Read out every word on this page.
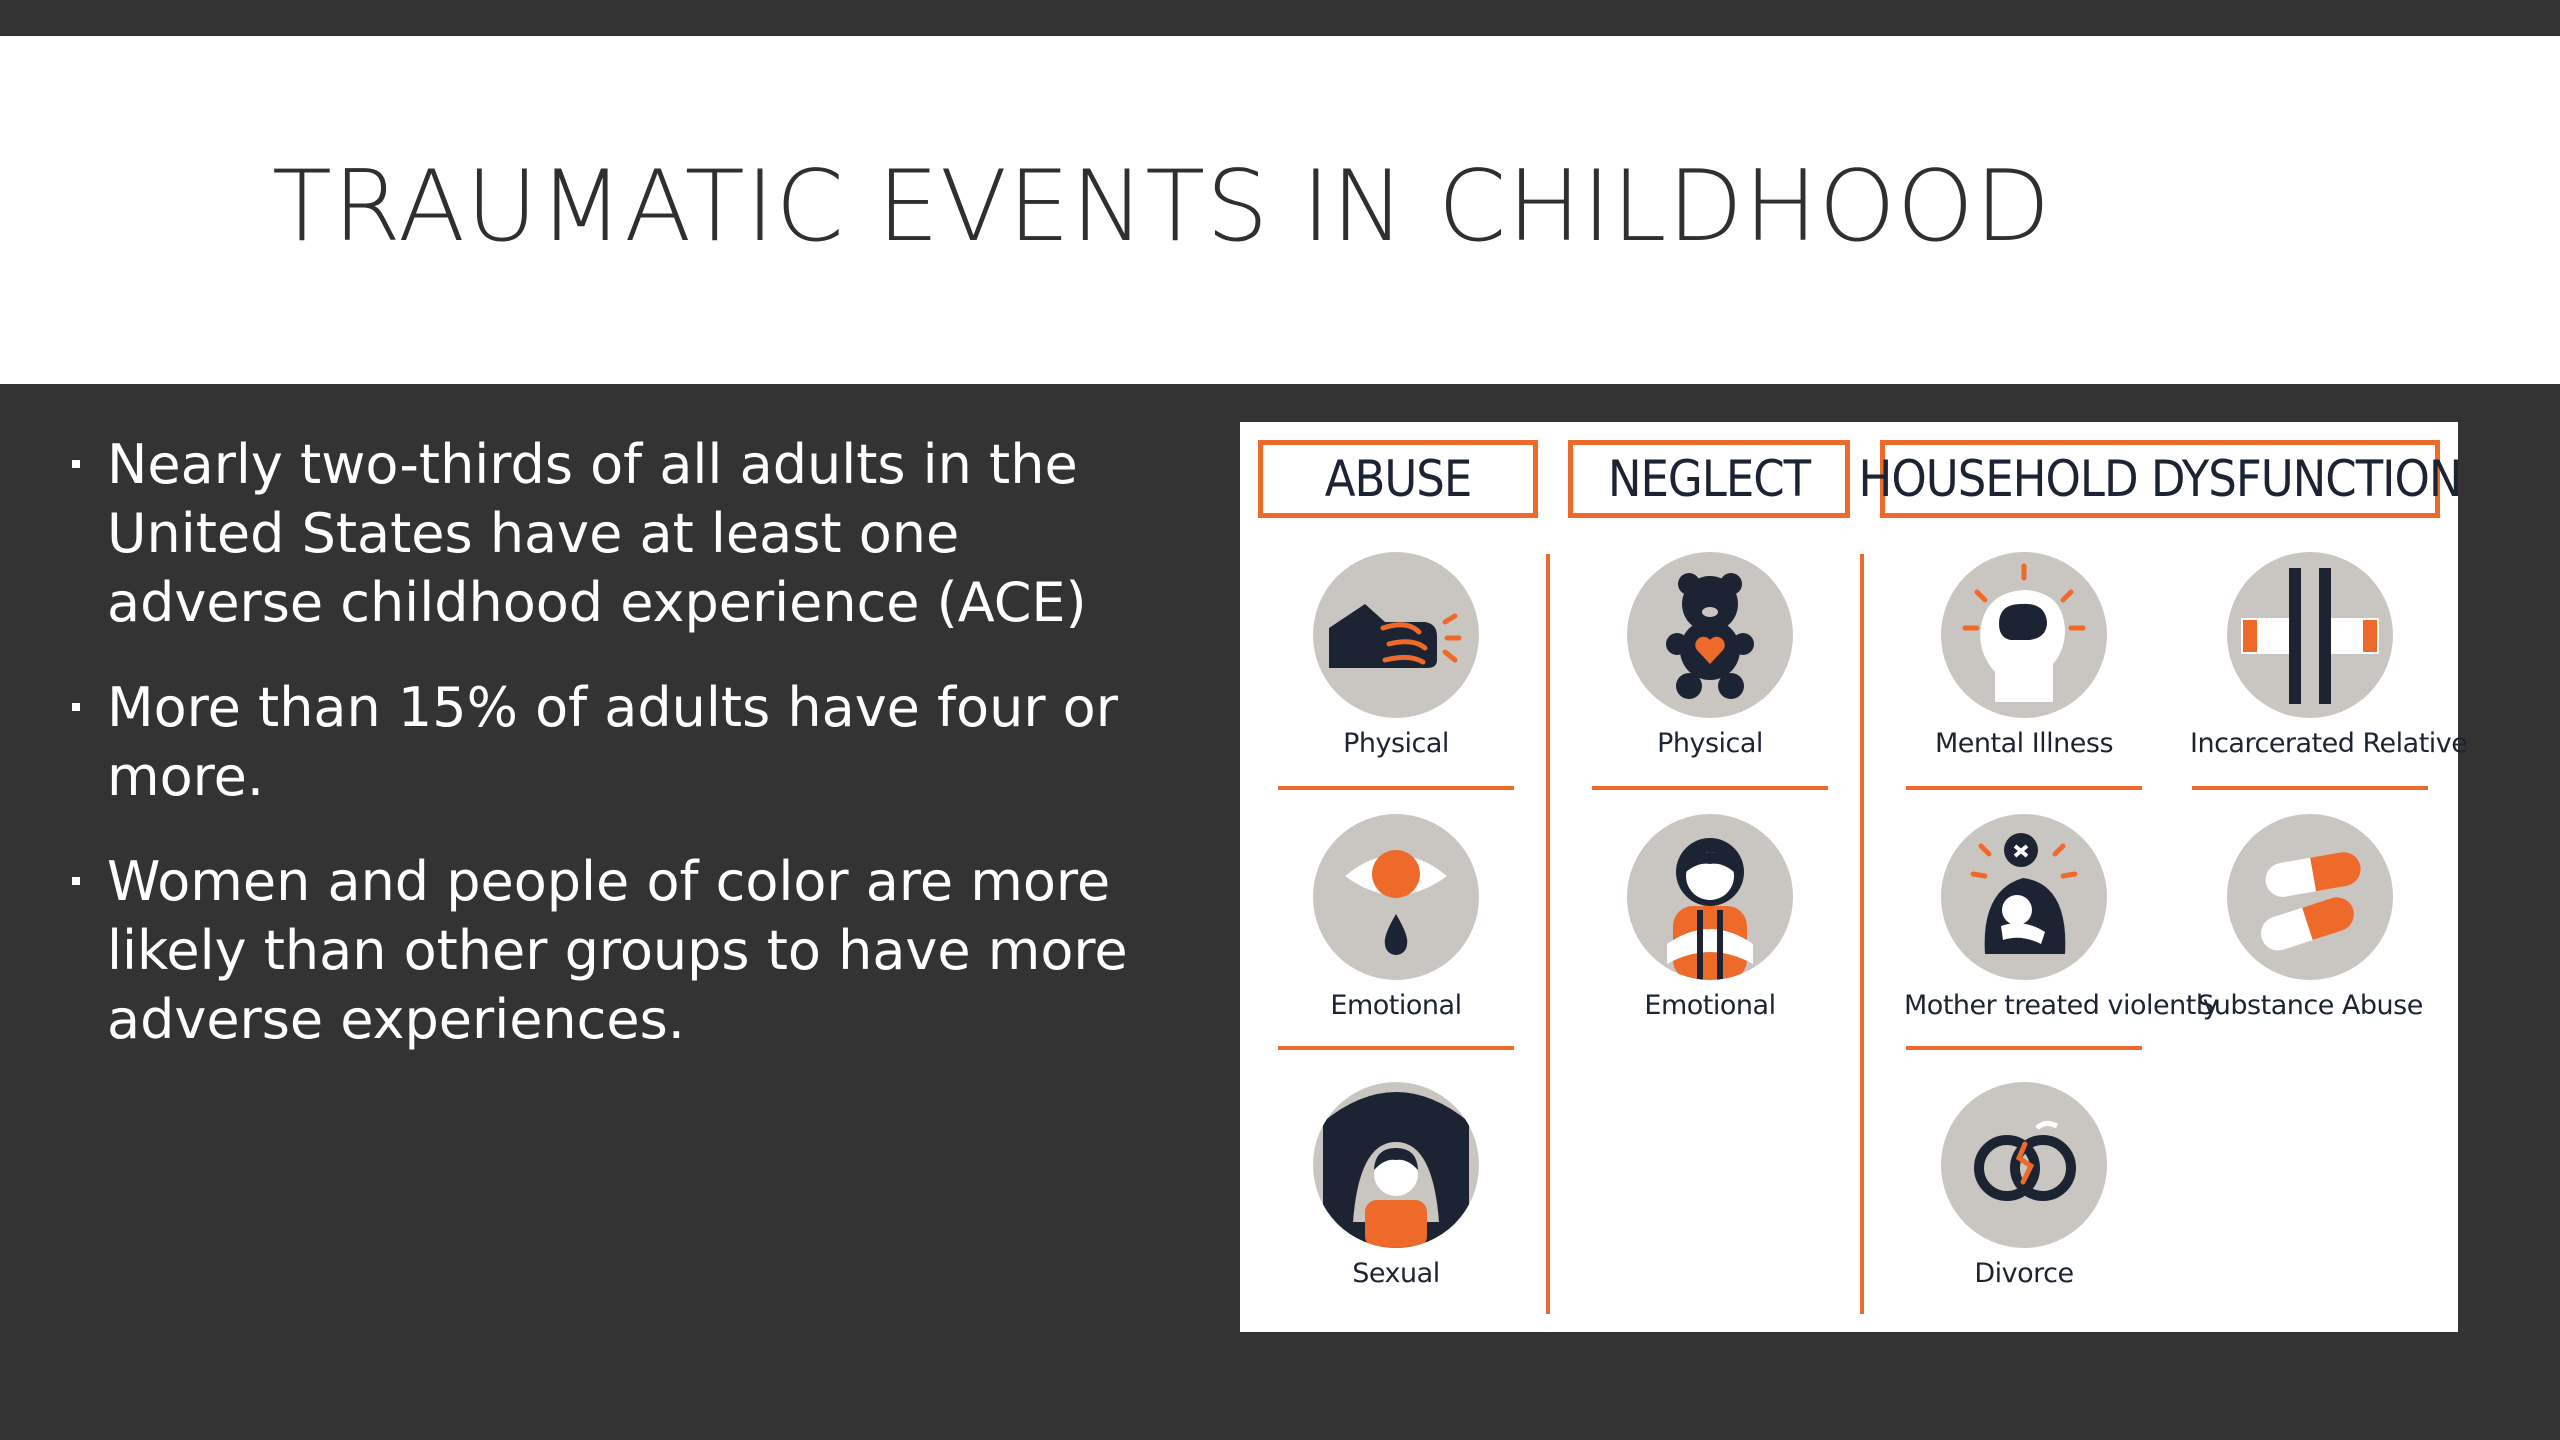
TRAUMATIC EVENTS IN CHILDHOOD
Nearly two-thirds of all adults in the United States have at least one adverse childhood experience (ACE)
More than 15% of adults have four or more.
Women and people of color are more likely than other groups to have more adverse experiences.
ABUSE	NEGLECT HOUSEHOLD DYSFUNCTION
Physical
Emotional
Sexual
Physical
Emotional
Mental Illness	Incarcerated Relative
Mother treated violently
Substance Abuse
Divorce
